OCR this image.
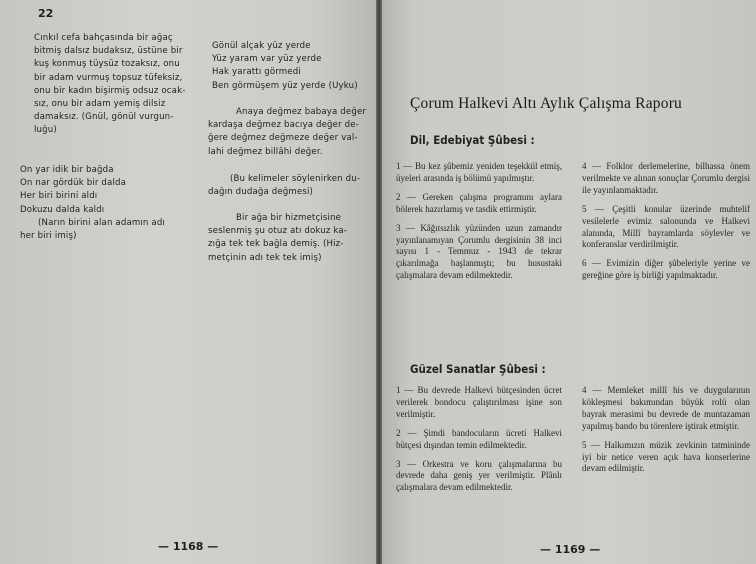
22

Cınkıl cefa bahçasında bir ağaç

bitmiş dalsız budaksız, üstüne bir

kuş konmuş tüysüz tozaksız, onu

bir adam vurmuş topsuz tüfeksiz,

onu bir kadın bişirmiş odsuz ocak-

sız, onu bir adam yemiş dilsiz

damaksız. (Gnül, gönül vurgun-

luğu)

On yar idik bir bağda

On nar gördük bir dalda

Her biri birini aldı

Dokuzu dalda kaldı

(Narın birini alan adamın adı

her biri imiş)

Gönül alçak yüz yerde

Yüz yaram var yüz yerde

Hak yarattı görmedi

Ben görmüşem yüz yerde (Uyku)

Anaya değmez babaya değer

kardaşa değmez bacıya değer de-

ğere değmez değmeze değer val-

lahi değmez billâhi değer.

(Bu kelimeler söylenirken du-

dağın dudağa değmesi)

Bir ağa bir hizmetçisine

seslenmiş şu otuz atı dokuz ka-

zığa tek tek bağla demiş. (Hiz-

metçinin adı tek tek imiş)

— 1168 —
Çorum Halkevi Altı Aylık Çalışma Raporu
Dil, Edebiyat Şûbesi :

1 — Bu kez şûbemiz yeniden teşekkül etmiş, üyeleri arasında iş bölümü yapılmıştır.

2 — Gereken çalışma programını aylara bölerek hazırlamış ve tasdik ettirmiştir.

3 — Kâğıtsızlık yüzünden uzun zamandır yayınlanamıyan Çorumlu dergisinin 38 inci sayısı 1 - Temmuz - 1943 de tekrar çıkarılmağa başlanmıştı; bu husustaki çalışmalara devam edilmektedir.

4 — Folklor derlemelerine, bilhassa önem verilmekte ve alınan sonuçlar Çorumlu dergisi ile yayınlanmaktadır.

5 — Çeşitli konular üzerinde muhtelif vesilelerle evimiz salonunda ve Halkevi alanında, Millî bayramlarda söylevler ve konferanslar verdirilmiştir.

6 — Evimizin diğer şûbeleriyle yerine ve gereğine göre iş birliği yapılmaktadır.

Güzel Sanatlar Şûbesi :

1 — Bu devrede Halkevi bütçesinden ücret verilerek bondocu çalıştırılması işine son verilmiştir.

2 — Şimdi bandocuların ücreti Halkevi bütçesi dışından temin edilmektedir.

3 — Orkestra ve koru çalışmalarına bu devrede daha geniş yer verilmiştir. Plânlı çalışmalara devam edilmektedir.

4 — Memleket millî his ve duygularının kökleşmesi bakımından büyük rolü olan bayrak merasimi bu devrede de muntazaman yapılmış bando bu törenlere iştirak etmiştir.

5 — Halkımızın müzik zevkinin tatmininde iyi bir netice veren açık hava konserlerine devam edilmiştir.

— 1169 —
